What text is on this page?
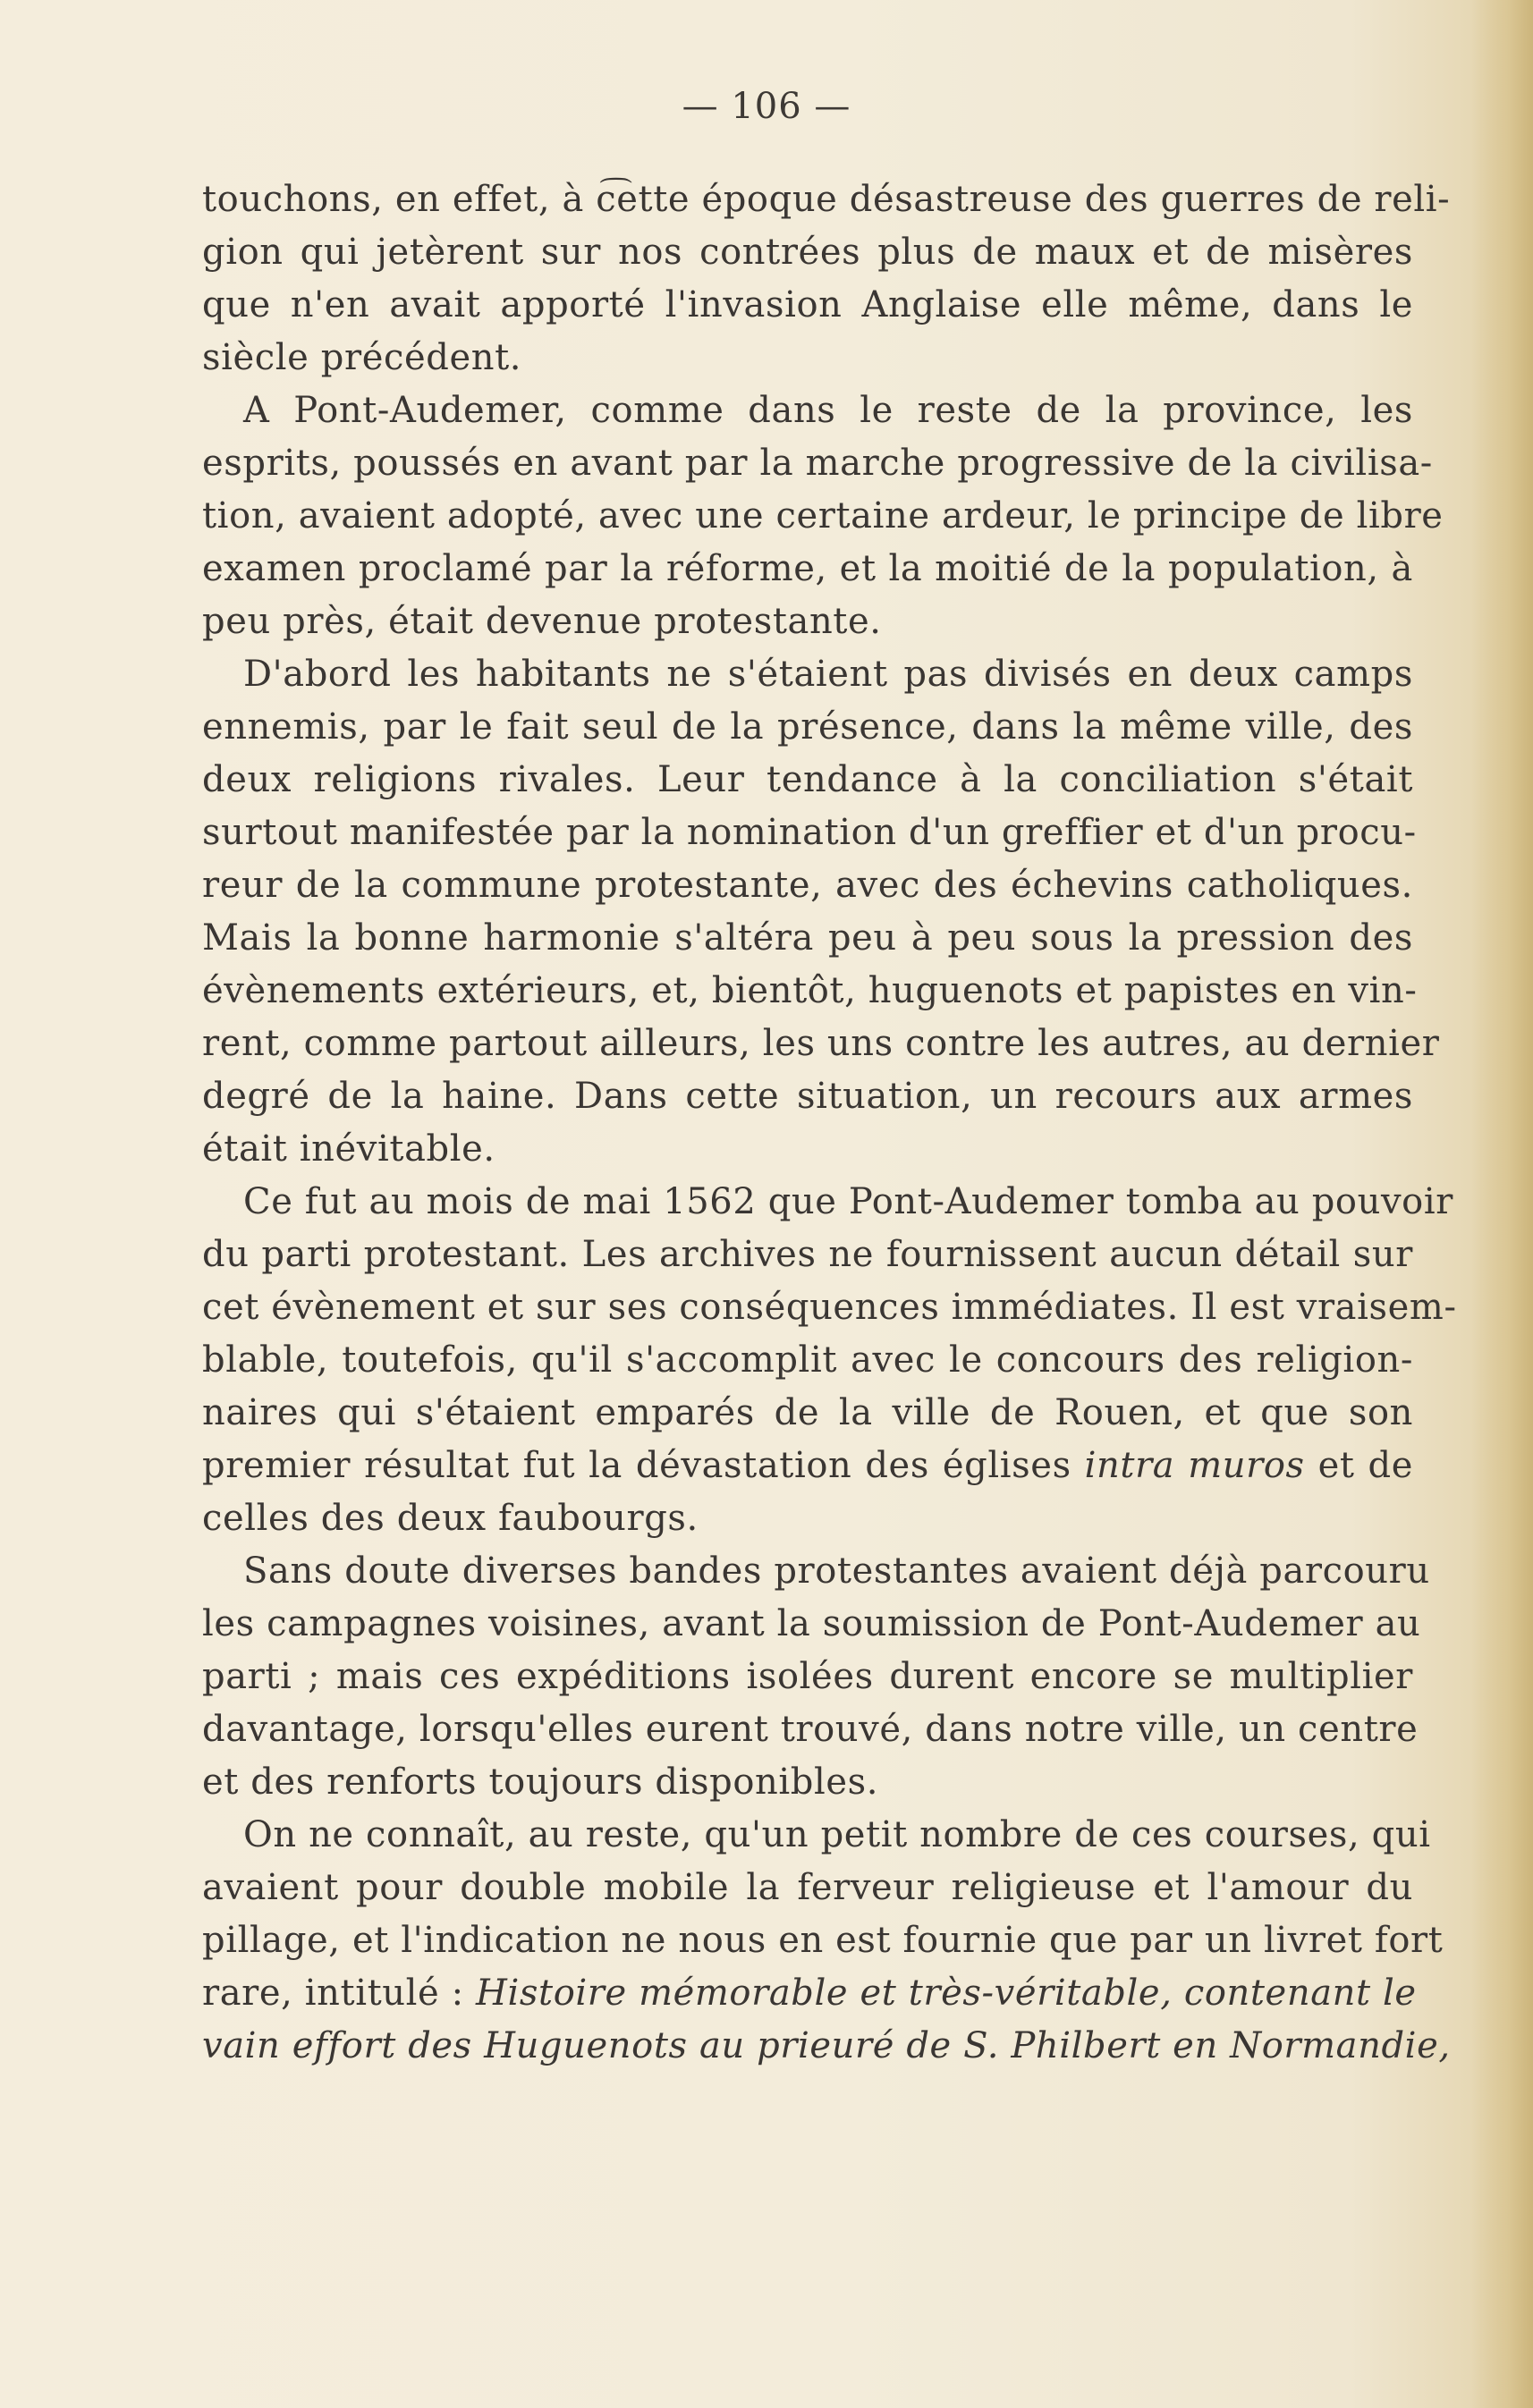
— 106 —
touchons, en effet, à c͡ette époque désastreuse des guerres de reli-
gion qui jetèrent sur nos contrées plus de maux et de misères
que n'en avait apporté l'invasion Anglaise elle même, dans le
siècle précédent.
A Pont-Audemer, comme dans le reste de la province, les
esprits, poussés en avant par la marche progressive de la civilisa-
tion, avaient adopté, avec une certaine ardeur, le principe de libre
examen proclamé par la réforme, et la moitié de la population, à
peu près, était devenue protestante.
D'abord les habitants ne s'étaient pas divisés en deux camps
ennemis, par le fait seul de la présence, dans la même ville, des
deux religions rivales. Leur tendance à la conciliation s'était
surtout manifestée par la nomination d'un greffier et d'un procu-
reur de la commune protestante, avec des échevins catholiques.
Mais la bonne harmonie s'altéra peu à peu sous la pression des
évènements extérieurs, et, bientôt, huguenots et papistes en vin-
rent, comme partout ailleurs, les uns contre les autres, au dernier
degré de la haine. Dans cette situation, un recours aux armes
était inévitable.
Ce fut au mois de mai 1562 que Pont-Audemer tomba au pouvoir
du parti protestant. Les archives ne fournissent aucun détail sur
cet évènement et sur ses conséquences immédiates. Il est vraisem-
blable, toutefois, qu'il s'accomplit avec le concours des religion-
naires qui s'étaient emparés de la ville de Rouen, et que son
premier résultat fut la dévastation des églises intra muros et de
celles des deux faubourgs.
Sans doute diverses bandes protestantes avaient déjà parcouru
les campagnes voisines, avant la soumission de Pont-Audemer au
parti ; mais ces expéditions isolées durent encore se multiplier
davantage, lorsqu'elles eurent trouvé, dans notre ville, un centre
et des renforts toujours disponibles.
On ne connaît, au reste, qu'un petit nombre de ces courses, qui
avaient pour double mobile la ferveur religieuse et l'amour du
pillage, et l'indication ne nous en est fournie que par un livret fort
rare, intitulé : Histoire mémorable et très-véritable, contenant le
vain effort des Huguenots au prieuré de S. Philbert en Normandie,
